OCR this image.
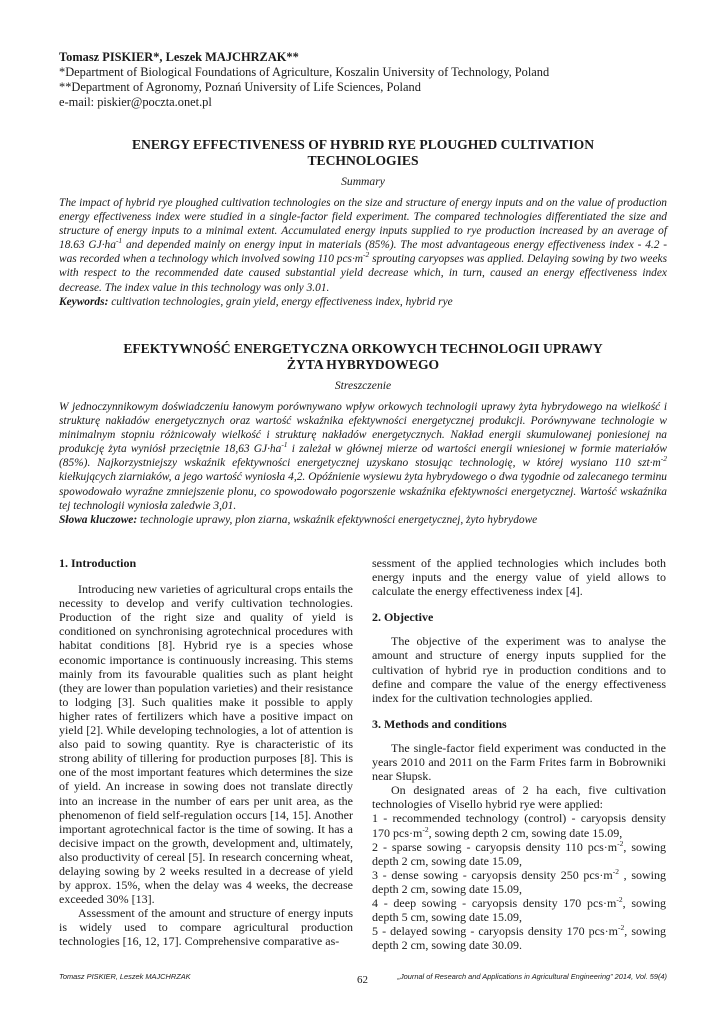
Tomasz PISKIER*, Leszek MAJCHRZAK**
*Department of Biological Foundations of Agriculture, Koszalin University of Technology, Poland
**Department of Agronomy, Poznań University of Life Sciences, Poland
e-mail: piskier@poczta.onet.pl
ENERGY EFFECTIVENESS OF HYBRID RYE PLOUGHED CULTIVATION
TECHNOLOGIES
Summary

The impact of hybrid rye ploughed cultivation technologies on the size and structure of energy inputs and on the value of production energy effectiveness index were studied in a single-factor field experiment. The compared technologies differentiated the size and structure of energy inputs to a minimal extent. Accumulated energy inputs supplied to rye production increased by an average of 18.63 $GJ\cdot ha^{-1}$ and depended mainly on energy input in materials (85%). The most advantageous energy effectiveness index - 4.2 - was recorded when a technology which involved sowing 110 $pcs\cdot m^{-2}$ sprouting caryopses was applied. Delaying sowing by two weeks with respect to the recommended date caused substantial yield decrease which, in turn, caused an energy effectiveness index decrease. The index value in this technology was only 3.01.

Keywords: cultivation technologies, grain yield, energy effectiveness index, hybrid rye
EFEKTYWNOŚĆ ENERGETYCZNA ORKOWYCH TECHNOLOGII UPRAWY
ŻYTA HYBRYDOWEGO
Streszczenie

W jednoczynnikowym doświadczeniu łanowym porównywano wpływ orkowych technologii uprawy żyta hybrydowego na wielkość i strukturę nakładów energetycznych oraz wartość wskaźnika efektywności energetycznej produkcji. Porównywane technologie w minimalnym stopniu różnicowały wielkość i strukturę nakładów energetycznych. Nakład energii skumulowanej poniesionej na produkcję żyta wyniósł przeciętnie 18,63 $GJ\cdot ha^{-1}$ i zależał w głównej mierze od wartości energii wniesionej w formie materiałów (85%). Najkorzystniejszy wskaźnik efektywności energetycznej uzyskano stosując technologię, w której wysiano 110 $szt\cdot m^{-2}$ kiełkujących ziarniaków, a jego wartość wyniosła 4,2. Opóźnienie wysiewu żyta hybrydowego o dwa tygodnie od zalecanego terminu spowodowało wyraźne zmniejszenie plonu, co spowodowało pogorszenie wskaźnika efektywności energetycznej. Wartość wskaźnika tej technologii wyniosła zaledwie 3,01.

Słowa kluczowe: technologie uprawy, plon ziarna, wskaźnik efektywności energetycznej, żyto hybrydowe
1. Introduction

Introducing new varieties of agricultural crops entails the necessity to develop and verify cultivation technologies. Production of the right size and quality of yield is conditioned on synchronising agrotechnical procedures with habitat conditions [8]. Hybrid rye is a species whose economic importance is continuously increasing. This stems mainly from its favourable qualities such as plant height (they are lower than population varieties) and their resistance to lodging [3]. Such qualities make it possible to apply higher rates of fertilizers which have a positive impact on yield [2]. While developing technologies, a lot of attention is also paid to sowing quantity. Rye is characteristic of its strong ability of tillering for production purposes [8]. This is one of the most important features which determines the size of yield. An increase in sowing does not translate directly into an increase in the number of ears per unit area, as the phenomenon of field self-regulation occurs [14, 15]. Another important agrotechnical factor is the time of sowing. It has a decisive impact on the growth, development and, ultimately, also productivity of cereal [5]. In research concerning wheat, delaying sowing by 2 weeks resulted in a decrease of yield by approx. 15%, when the delay was 4 weeks, the decrease exceeded 30% [13].

Assessment of the amount and structure of energy inputs is widely used to compare agricultural production technologies [16, 12, 17]. Comprehensive comparative as-

sessment of the applied technologies which includes both energy inputs and the energy value of yield allows to calculate the energy effectiveness index [4].

2. Objective

The objective of the experiment was to analyse the amount and structure of energy inputs supplied for the cultivation of hybrid rye in production conditions and to define and compare the value of the energy effectiveness index for the cultivation technologies applied.

3. Methods and conditions

The single-factor field experiment was conducted in the years 2010 and 2011 on the Farm Frites farm in Bobrowniki near Słupsk.

On designated areas of 2 ha each, five cultivation technologies of Visello hybrid rye were applied:

1 - recommended technology (control) - caryopsis density 170 $pcs\cdot m^{-2}$, sowing depth 2 cm, sowing date 15.09,

2 - sparse sowing - caryopsis density 110 $pcs\cdot m^{-2}$, sowing depth 2 cm, sowing date 15.09,

3 - dense sowing - caryopsis density 250 $pcs\cdot m^{-2}$ , sowing depth 2 cm, sowing date 15.09,

4 - deep sowing - caryopsis density 170 $pcs\cdot m^{-2}$, sowing depth 5 cm, sowing date 15.09,

5 - delayed sowing - caryopsis density 170 $pcs\cdot m^{-2}$, sowing depth 2 cm, sowing date 30.09.

Tomasz PISKIER, Leszek MAJCHRZAK	„Journal of Research and Applications in Agricultural Engineering” 2014, Vol. 59(4)
62
